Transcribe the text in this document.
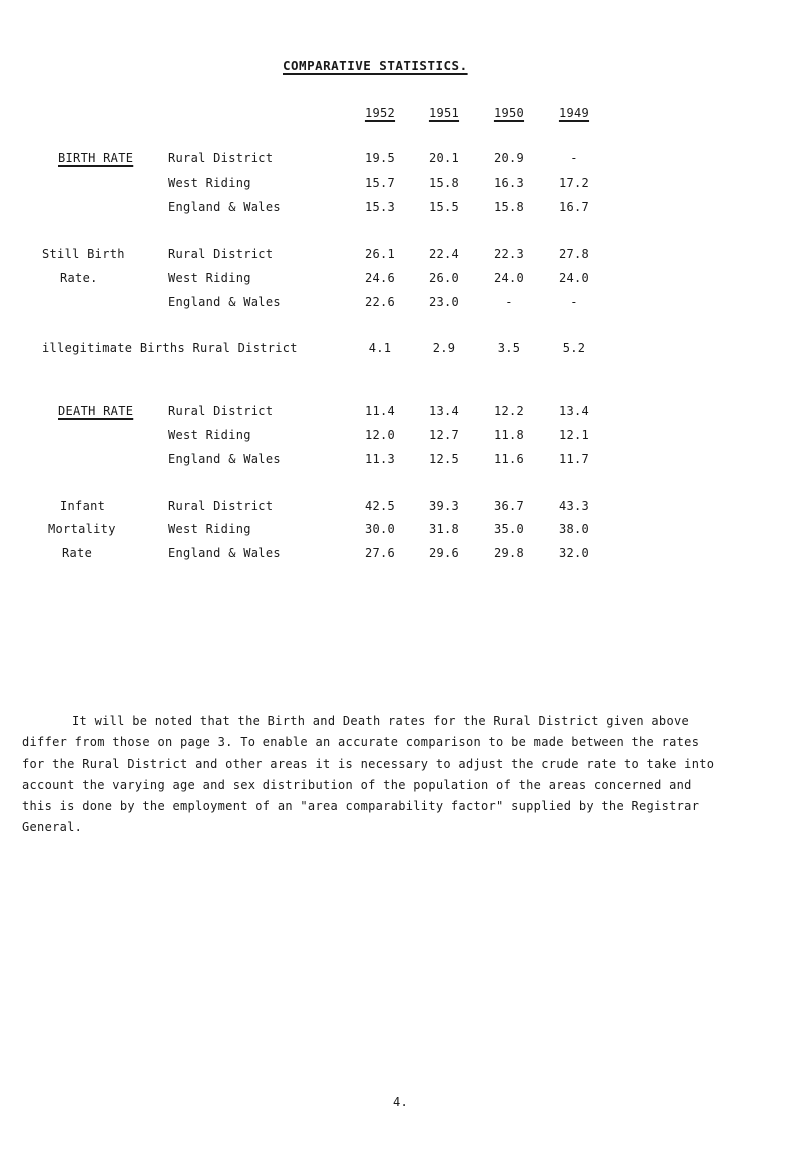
COMPARATIVE STATISTICS.
1952	1951	1950	1949
BIRTH RATE	Rural District	19.5	20.1	20.9	-
West Riding	15.7	15.8	16.3	17.2
England & Wales	15.3	15.5	15.8	16.7
Still Birth	Rural District	26.1	22.4	22.3	27.8
Rate.	West Riding	24.6	26.0	24.0	24.0
England & Wales	22.6	23.0	-	-
illegitimate Births Rural District	4.1	2.9	3.5	5.2
DEATH RATE	Rural District	11.4	13.4	12.2	13.4
West Riding	12.0	12.7	11.8	12.1
England & Wales	11.3	12.5	11.6	11.7
Infant	Rural District	42.5	39.3	36.7	43.3
Mortality	West Riding	30.0	31.8	35.0	38.0
Rate	England & Wales	27.6	29.6	29.8	32.0

It will be noted that the Birth and Death rates for the Rural District given above

differ from those on page 3. To enable an accurate comparison to be made between the rates

for the Rural District and other areas it is necessary to adjust the crude rate to take into

account the varying age and sex distribution of the population of the areas concerned and

this is done by the employment of an "area comparability factor" supplied by the Registrar

General.

4.
